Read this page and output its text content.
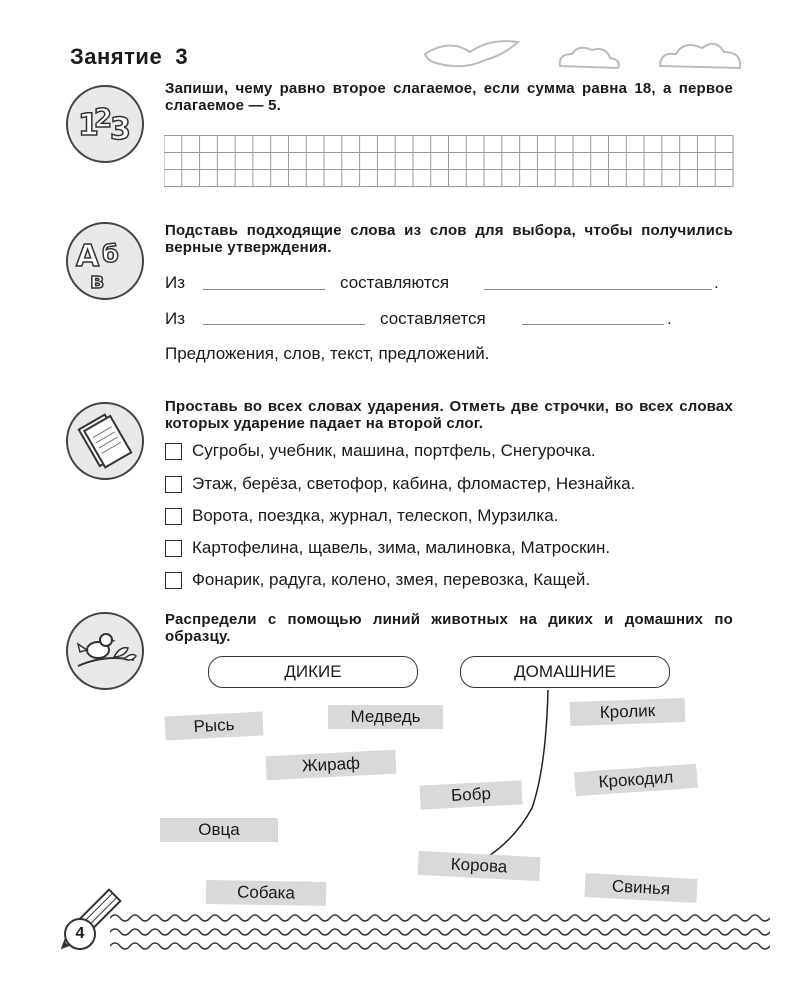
Занятие  3
1
2
3
Запиши, чему равно второе слагаемое, если сумма равна 18, а первое слагаемое — 5.
А б
в
Подставь подходящие слова из слов для выбора, чтобы получились верные утверждения.
Из	составляются	.
Из	составляется	.
Предложения, слов, текст, предложений.
Проставь во всех словах ударения. Отметь две строчки, во всех словах которых ударение падает на второй слог.
Сугробы, учебник, машина, портфель, Снегурочка.
Этаж, берёза, светофор, кабина, фломастер, Незнайка.
Ворота, поездка, журнал, телескоп, Мурзилка.
Картофелина, щавель, зима, малиновка, Матроскин.
Фонарик, радуга, колено, змея, перевозка, Кащей.
Распредели с помощью линий животных на диких и домашних по образцу.
ДИКИЕ	ДОМАШНИЕ
Рысь	Медведь	Кролик
Жираф
Бобр
Крокодил
Овца
Корова
Собака	Свинья
4
